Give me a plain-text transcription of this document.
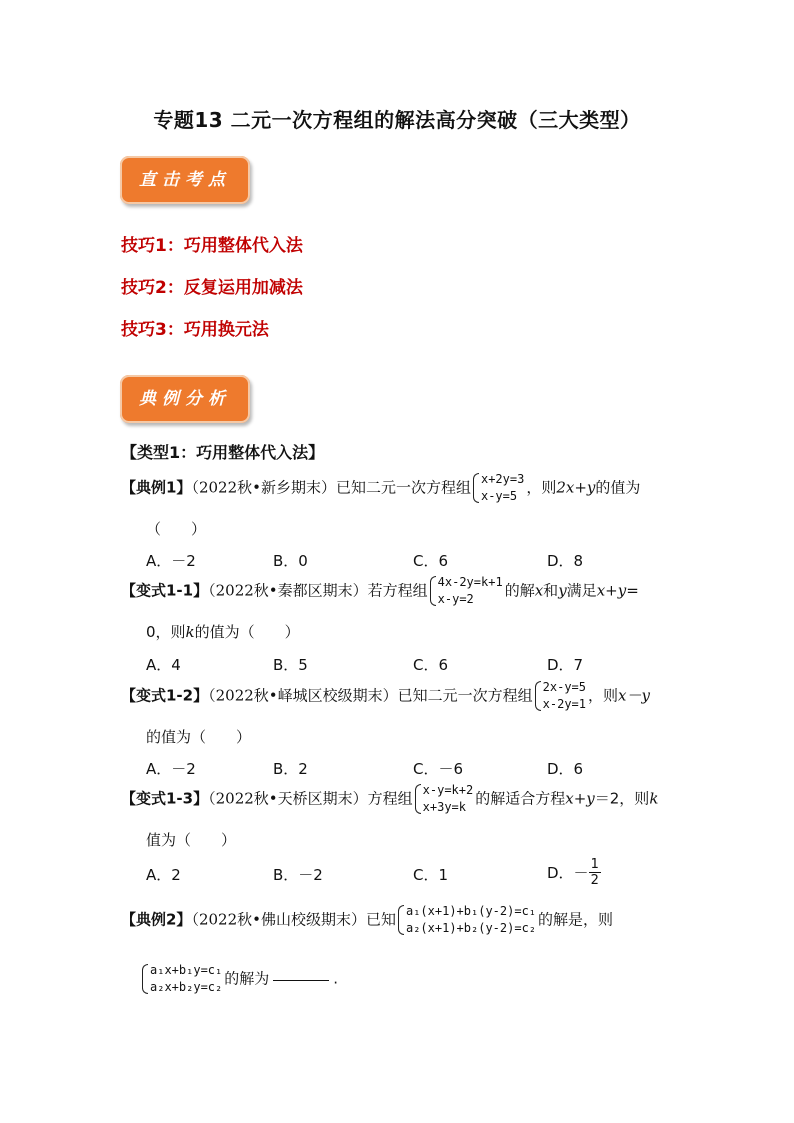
专题13 二元一次方程组的解法高分突破（三大类型）
直击考点
技巧1：巧用整体代入法
技巧2：反复运用加减法
技巧3：巧用换元法
典例分析
【类型1：巧用整体代入法】
【典例1】（2022秋•新乡期末）已知二元一次方程组 x+2y=3
x-y=5 ，则2x+y的值为
（　　）
A．－2	B．0	C．6	D．8
【变式1-1】（2022秋•秦都区期末）若方程组 4x-2y=k+1
x-y=2	的解x和y满足x+y=
0，则k的值为（　　）
A．4	B．5	C．6	D．7
【变式1-2】（2022秋•峄城区校级期末）已知二元一次方程组 2x-y=5
x-2y=1 ，则x－y
的值为（　　）
A．－2	B．2	C．－6	D．6
【变式1-3】（2022秋•天桥区期末）方程组 x-y=k+2
x+3y=k 的解适合方程x+y＝2，则k
值为（　　）
A．2	B．－2	C．1	D．－ $\frac{1}{2}$
【典例2】（2022秋•佛山校级期末）已知 a₁(x+1)+b₁(y-2)=c₁
a₂(x+1)+b₂(y-2)=c₂ 的解是，则
a₁x+b₁y=c₁
a₂x+b₂y=c₂ 的解为	.
